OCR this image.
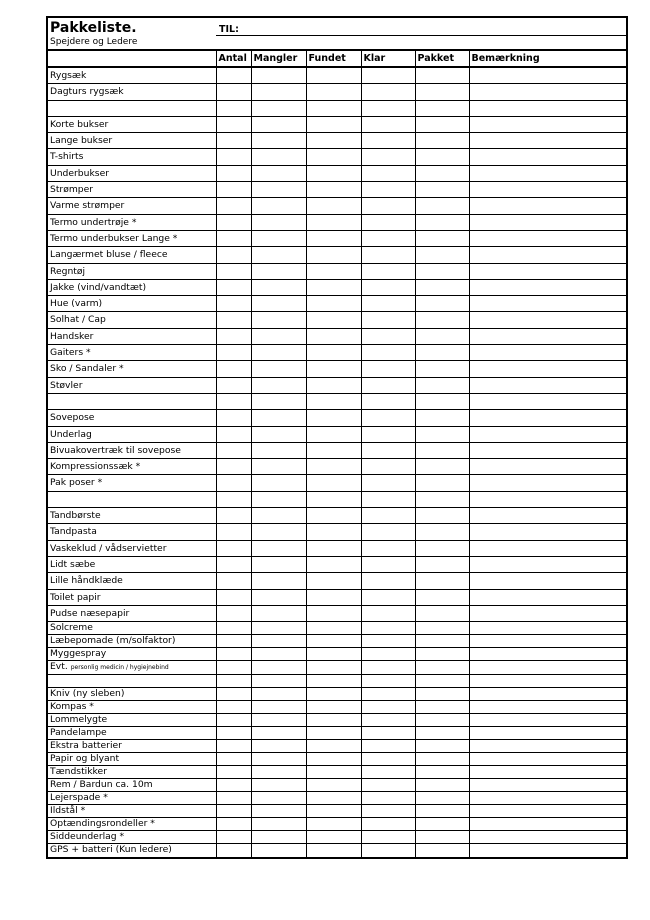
Pakkeliste.
Spejdere og Ledere
TIL:
	Antal	Mangler	Fundet	Klar	Pakket	Bemærkning
Rygsæk						
Dagturs rygsæk						

Korte bukser						
Lange bukser						
T-shirts						
Underbukser						
Strømper						
Varme strømper						
Termo undertrøje *						
Termo underbukser Lange *						
Langærmet bluse / fleece						
Regntøj						
Jakke (vind/vandtæt)						
Hue (varm)						
Solhat / Cap						
Handsker						
Gaiters *						
Sko / Sandaler *						
Støvler						

Sovepose						
Underlag						
Bivuakovertræk til sovepose						
Kompressionssæk *						
Pak poser *						

Tandbørste						
Tandpasta						
Vaskeklud / vådservietter						
Lidt sæbe						
Lille håndklæde						
Toilet papir						
Pudse næsepapir						
Solcreme						
Læbepomade (m/solfaktor)						
Myggespray						
Evt. personlig medicin / hygiejnebind						

Kniv (ny sleben)						
Kompas *						
Lommelygte						
Pandelampe						
Ekstra batterier						
Papir og blyant						
Tændstikker						
Rem / Bardun ca. 10m						
Lejerspade *						
Ildstål *						
Optændingsrondeller *						
Siddeunderlag *						
GPS + batteri (Kun ledere)						
